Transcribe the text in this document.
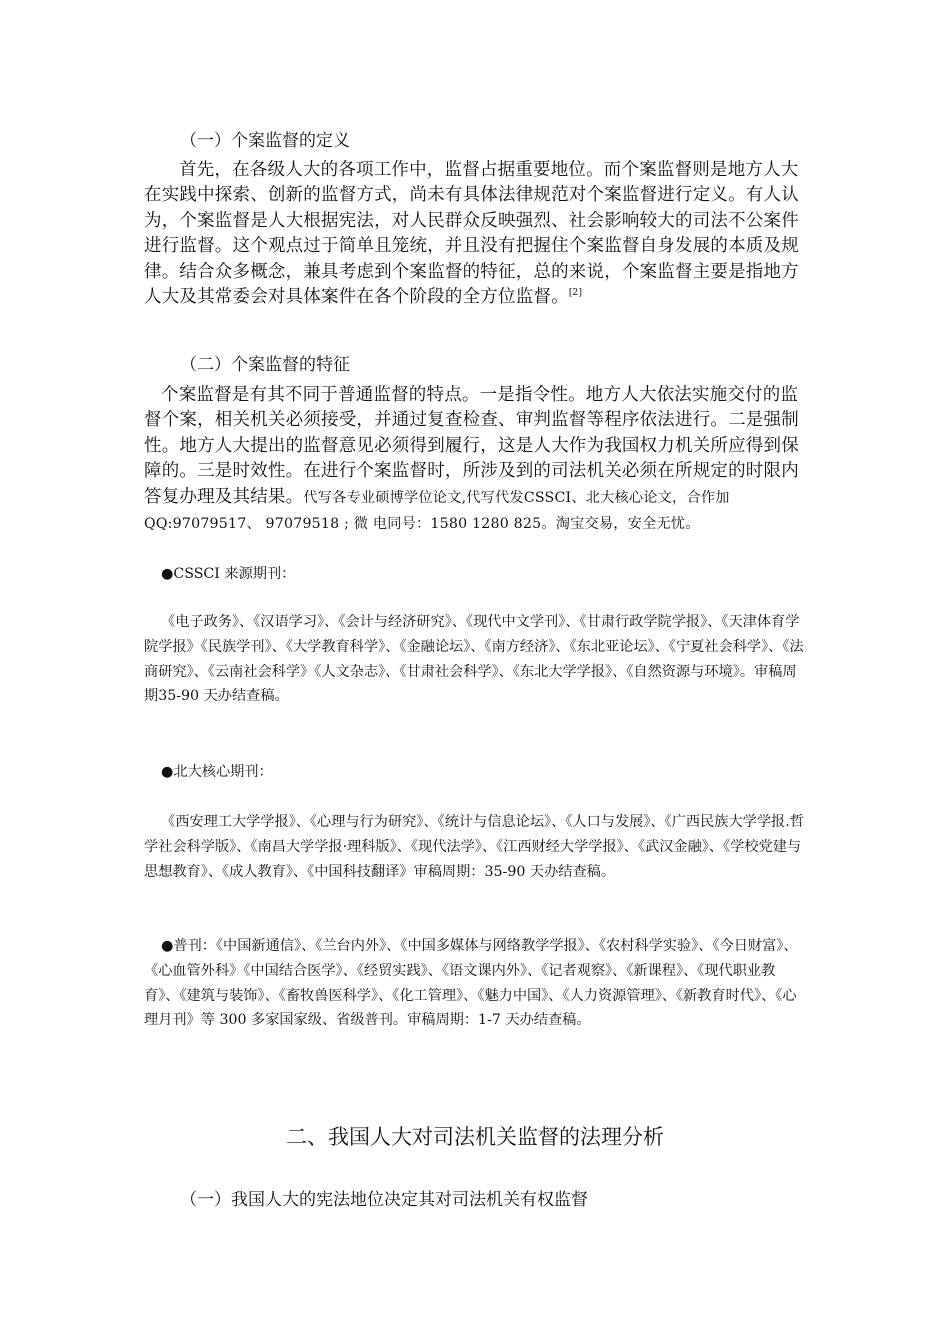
（一）个案监督的定义

首先，在各级人大的各项工作中，监督占据重要地位。而个案监督则是地方人大在实践中探索、创新的监督方式，尚未有具体法律规范对个案监督进行定义。有人认为，个案监督是人大根据宪法，对人民群众反映强烈、社会影响较大的司法不公案件进行监督。这个观点过于简单且笼统，并且没有把握住个案监督自身发展的本质及规律。结合众多概念，兼具考虑到个案监督的特征，总的来说，个案监督主要是指地方人大及其常委会对具体案件在各个阶段的全方位监督。[2]

（二）个案监督的特征

个案监督是有其不同于普通监督的特点。一是指令性。地方人大依法实施交付的监督个案，相关机关必须接受，并通过复查检查、审判监督等程序依法进行。二是强制性。地方人大提出的监督意见必须得到履行，这是人大作为我国权力机关所应得到保障的。三是时效性。在进行个案监督时，所涉及到的司法机关必须在所规定的时限内答复办理及其结果。代写各专业硕博学位论文,代写代发CSSCI、北大核心论文，合作加 QQ:97079517、 97079518 ; 微 电同号：1580 1280 825。淘宝交易，安全无忧。

●CSSCI 来源期刊：

《电子政务》、《汉语学习》、《会计与经济研究》、《现代中文学刊》、《甘肃行政学院学报》、《天津体育学院学报》《民族学刊》、《大学教育科学》、《金融论坛》、《南方经济》、《东北亚论坛》、《宁夏社会科学》、《法商研究》、《云南社会科学》《人文杂志》、《甘肃社会科学》、《东北大学学报》、《自然资源与环境》。审稿周期35-90 天办结查稿。

●北大核心期刊：

《西安理工大学学报》、《心理与行为研究》、《统计与信息论坛》、《人口与发展》、《广西民族大学学报.哲学社会科学版》、《南昌大学学报·理科版》、《现代法学》、《江西财经大学学报》、《武汉金融》、《学校党建与思想教育》、《成人教育》、《中国科技翻译》审稿周期：35-90 天办结查稿。

●普刊：《中国新通信》、《兰台内外》、《中国多媒体与网络教学学报》、《农村科学实验》、《今日财富》、《心血管外科》《中国结合医学》、《经贸实践》、《语文课内外》、《记者观察》、《新课程》、《现代职业教育》、《建筑与装饰》、《畜牧兽医科学》、《化工管理》、《魅力中国》、《人力资源管理》、《新教育时代》、《心理月刊》等 300 多家国家级、省级普刊。审稿周期：1-7 天办结查稿。

二、我国人大对司法机关监督的法理分析
（一）我国人大的宪法地位决定其对司法机关有权监督
